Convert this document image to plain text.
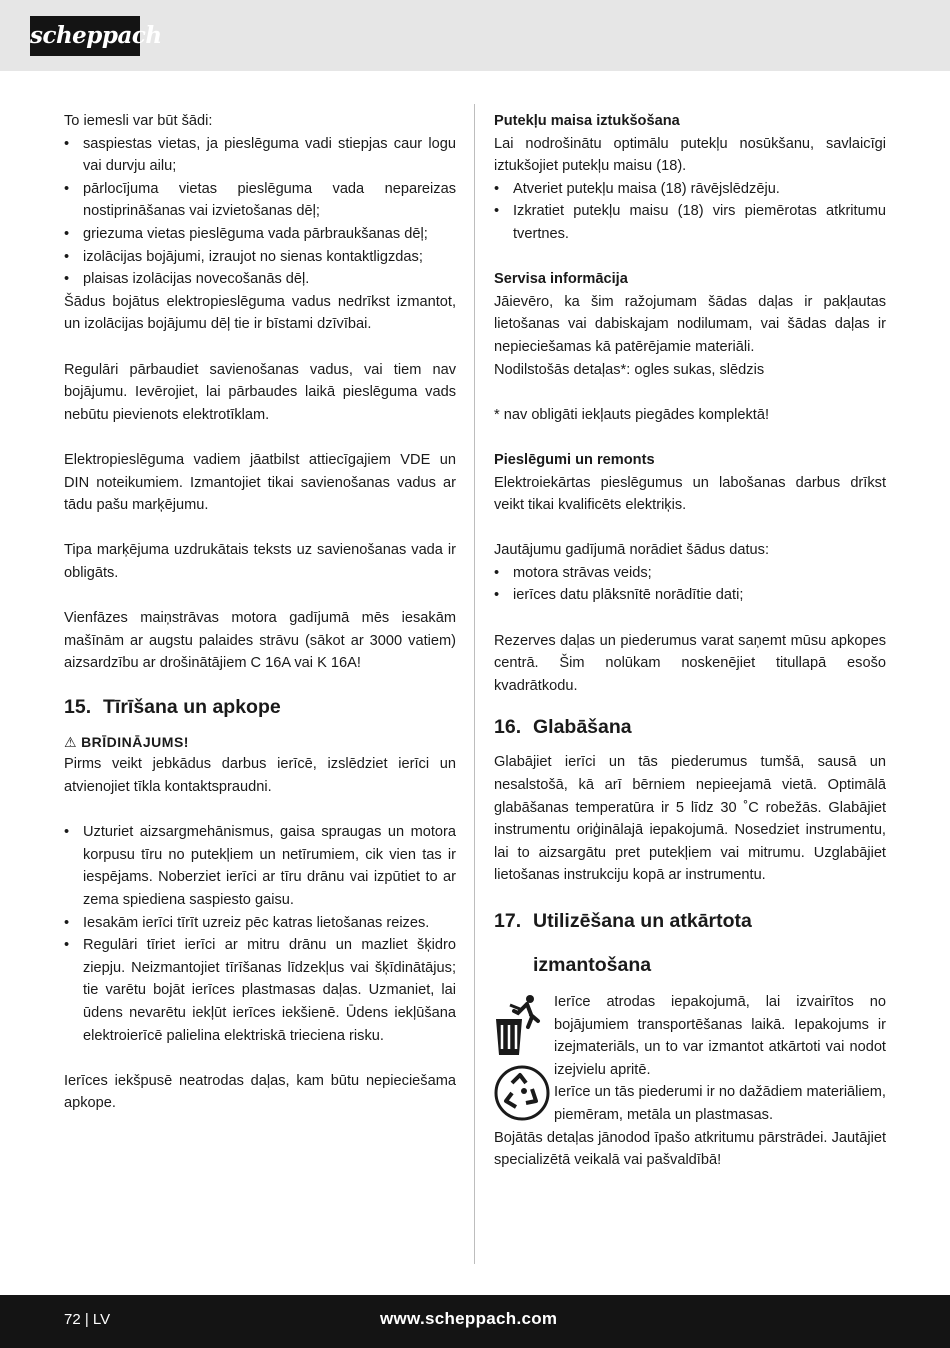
scheppach

To iemesli var būt šādi:

• saspiestas vietas, ja pieslēguma vadi stiepjas caur logu vai durvju ailu;
• pārlocījuma vietas pieslēguma vada nepareizas nostiprināšanas vai izvietošanas dēļ;
• griezuma vietas pieslēguma vada pārbraukšanas dēļ;
• izolācijas bojājumi, izraujot no sienas kontaktligzdas;
• plaisas izolācijas novecošanās dēļ.

Šādus bojātus elektropieslēguma vadus nedrīkst izmantot, un izolācijas bojājumu dēļ tie ir bīstami dzīvībai.

Regulāri pārbaudiet savienošanas vadus, vai tiem nav bojājumu. Ievērojiet, lai pārbaudes laikā pieslēguma vads nebūtu pievienots elektrotīklam.

Elektropieslēguma vadiem jāatbilst attiecīgajiem VDE un DIN noteikumiem. Izmantojiet tikai savienošanas vadus ar tādu pašu marķējumu.

Tipa marķējuma uzdrukātais teksts uz savienošanas vada ir obligāts.

Vienfāzes maiņstrāvas motora gadījumā mēs iesakām mašīnām ar augstu palaides strāvu (sākot ar 3000 vatiem) aizsardzību ar drošinātājiem C 16A vai K 16A!

15. Tīrīšana un apkope

⚠ BRĪDINĀJUMS!

Pirms veikt jebkādus darbus ierīcē, izslēdziet ierīci un atvienojiet tīkla kontaktspraudni.

• Uzturiet aizsargmehānismus, gaisa spraugas un motora korpusu tīru no putekļiem un netīrumiem, cik vien tas ir iespējams. Noberziet ierīci ar tīru drānu vai izpūtiet to ar zema spiediena saspiesto gaisu.
• Iesakām ierīci tīrīt uzreiz pēc katras lietošanas reizes.
• Regulāri tīriet ierīci ar mitru drānu un mazliet šķidro ziepju. Neizmantojiet tīrīšanas līdzekļus vai šķīdinātājus; tie varētu bojāt ierīces plastmasas daļas. Uzmaniet, lai ūdens nevarētu iekļūt ierīces iekšienē. Ūdens iekļūšana elektroierīcē palielina elektriskā trieciena risku.

Ierīces iekšpusē neatrodas daļas, kam būtu nepieciešama apkope.

Putekļu maisa iztukšošana

Lai nodrošinātu optimālu putekļu nosūkšanu, savlaicīgi iztukšojiet putekļu maisu (18).

• Atveriet putekļu maisa (18) rāvējslēdzēju.
• Izkratiet putekļu maisu (18) virs piemērotas atkritumu tvertnes.

Servisa informācija

Jāievēro, ka šim ražojumam šādas daļas ir pakļautas lietošanas vai dabiskajam nodilumam, vai šādas daļas ir nepieciešamas kā patērējamie materiāli.

Nodilstošās detaļas*: ogles sukas, slēdzis

* nav obligāti iekļauts piegādes komplektā!

Pieslēgumi un remonts

Elektroiekārtas pieslēgumus un labošanas darbus drīkst veikt tikai kvalificēts elektriķis.

Jautājumu gadījumā norādiet šādus datus:

• motora strāvas veids;
• ierīces datu plāksnītē norādītie dati;

Rezerves daļas un piederumus varat saņemt mūsu apkopes centrā. Šim nolūkam noskenējiet titullapā esošo kvadrātkodu.

16. Glabāšana

Glabājiet ierīci un tās piederumus tumšā, sausā un nesalstošā, kā arī bērniem nepieejamā vietā. Optimālā glabāšanas temperatūra ir 5 līdz 30 ˚C robežās. Glabājiet instrumentu oriģinālajā iepakojumā. Nosedziet instrumentu, lai to aizsargātu pret putekļiem vai mitrumu. Uzglabājiet lietošanas instrukciju kopā ar instrumentu.

17. Utilizēšana un atkārtota
izmantošana

Ierīce atrodas iepakojumā, lai izvairītos no bojājumiem transportēšanas laikā. Iepakojums ir izejmateriāls, un to var izmantot atkārtoti vai nodot izejvielu apritē.

Ierīce un tās piederumi ir no dažādiem materiāliem, piemēram, metāla un plastmasas.

Bojātās detaļas jānodod īpašo atkritumu pārstrādei. Jautājiet specializētā veikalā vai pašvaldībā!

72 | LV	www.scheppach.com
